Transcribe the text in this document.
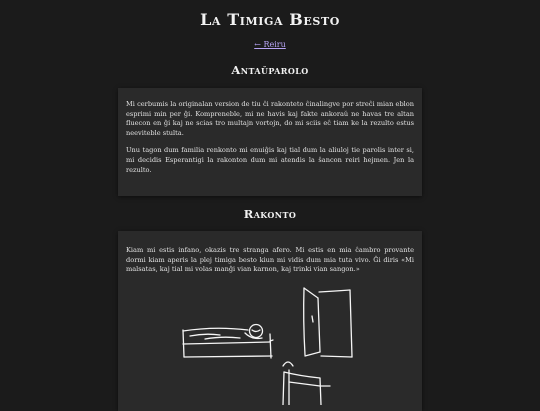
La Timiga Besto
← Reiru
Antaŭparolo

Mi cerbumis la originalan version de tiu ĉi rakonteto ĉinalingve por streĉi mian eblon esprimi min per ĝi. Kompreneble, mi ne havis kaj fakte ankoraŭ ne havas tre altan fluecon en ĝi kaj ne scias tro multajn vortojn, do mi sciis eĉ tiam ke la rezulto estus neeviteble stulta.

Unu tagon dum familia renkonto mi enuiĝis kaj tial dum la aliuloj tie parolis inter si, mi decidis Esperantigi la rakonton dum mi atendis la ŝancon reiri hejmen. Jen la rezulto.

Rakonto

Kiam mi estis infano, okazis tre stranga afero. Mi estis en mia ĉambro provante dormi kiam aperis la plej timiga besto kiun mi vidis dum mia tuta vivo. Ĝi diris «Mi malsatas, kaj tial mi volas manĝi vian karnon, kaj trinki vian sangon.»
